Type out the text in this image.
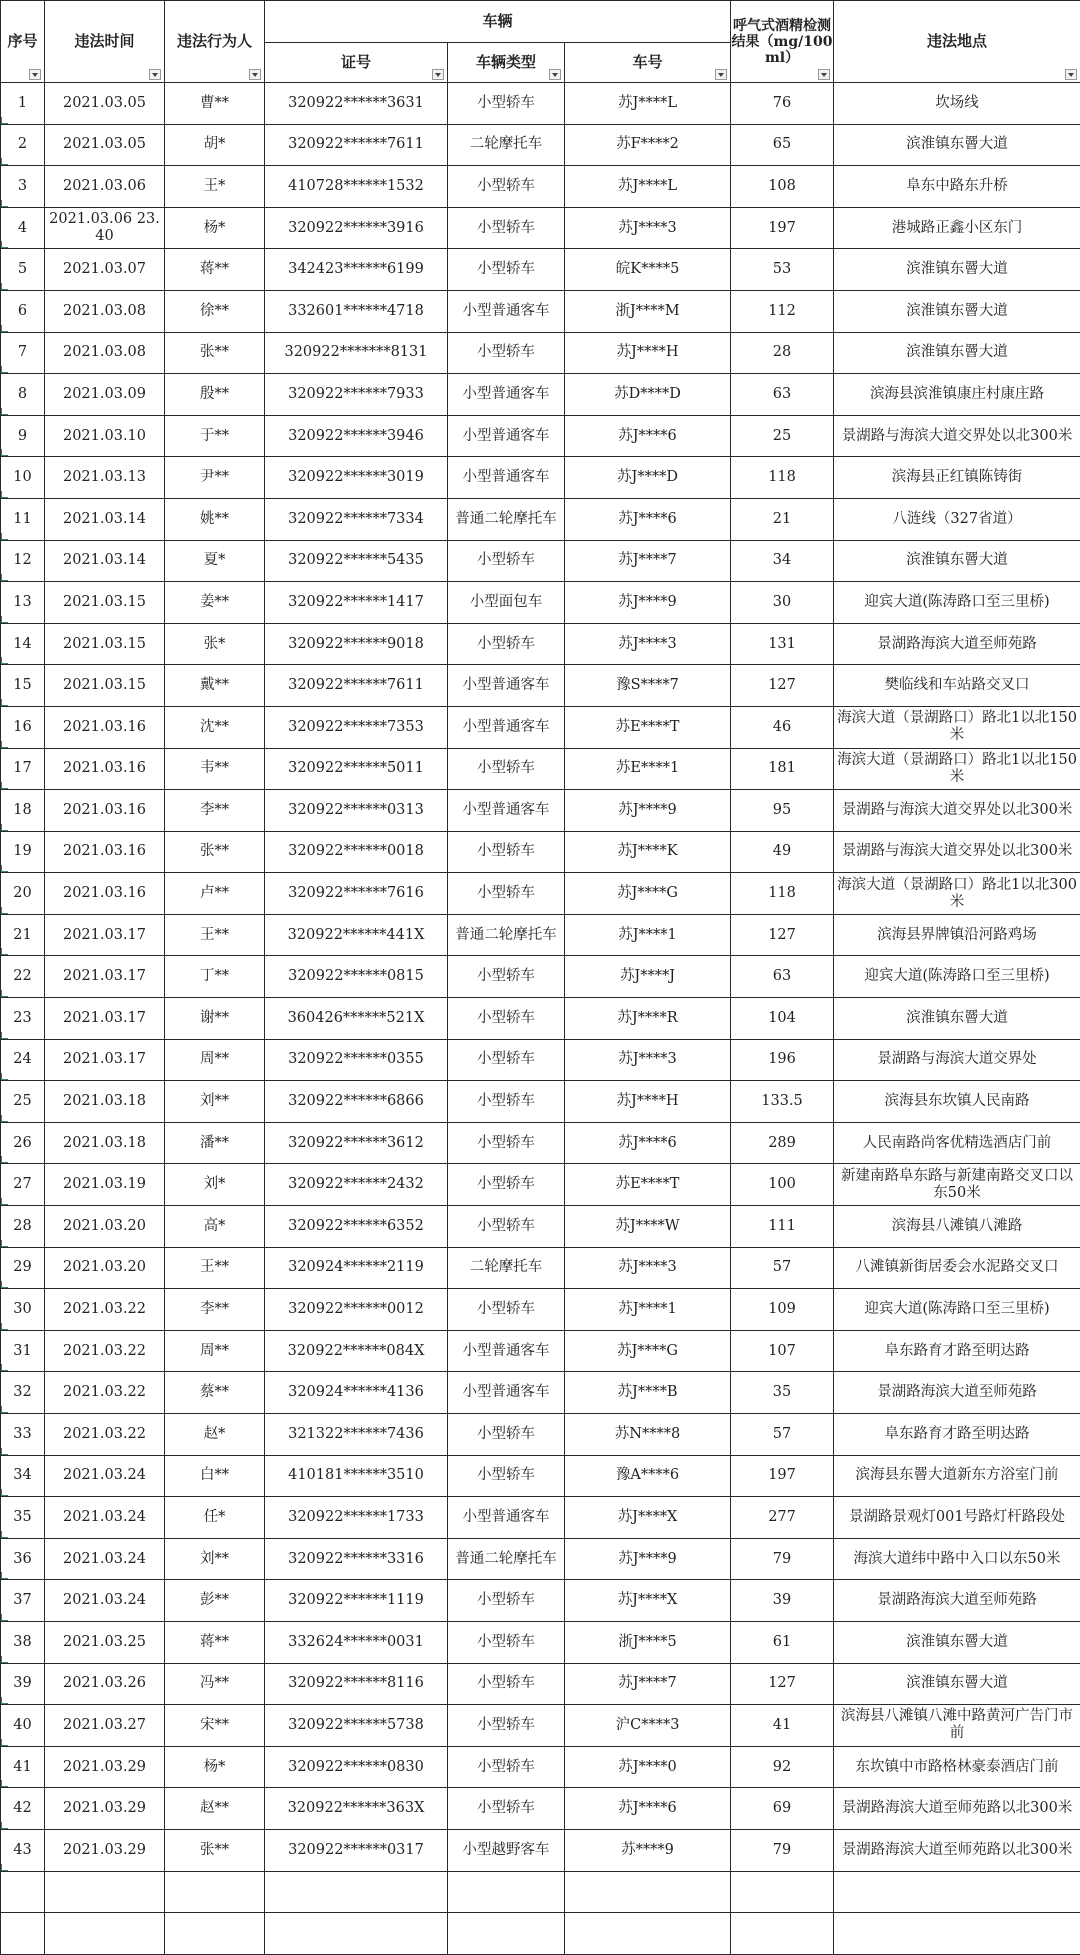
序号	违法时间	违法行为人	车辆			呼气式酒精检测结果（mg/100ml）	违法地点

			证号	车辆类型	车号		

1	2021.03.05	曹**	320922******3631	小型轿车	苏J****L	76	坎场线
2	2021.03.05	胡*	320922******7611	二轮摩托车	苏F****2	65	滨淮镇东罾大道
3	2021.03.06	王*	410728******1532	小型轿车	苏J****L	108	阜东中路东升桥
4	2021.03.06 23.40	杨*	320922******3916	小型轿车	苏J****3	197	港城路正鑫小区东门
5	2021.03.07	蒋**	342423******6199	小型轿车	皖K****5	53	滨淮镇东罾大道
6	2021.03.08	徐**	332601******4718	小型普通客车	浙J****M	112	滨淮镇东罾大道
7	2021.03.08	张**	320922*******8131	小型轿车	苏J****H	28	滨淮镇东罾大道
8	2021.03.09	殷**	320922******7933	小型普通客车	苏D****D	63	滨海县滨淮镇康庄村康庄路
9	2021.03.10	于**	320922******3946	小型普通客车	苏J****6	25	景湖路与海滨大道交界处以北300米
10	2021.03.13	尹**	320922******3019	小型普通客车	苏J****D	118	滨海县正红镇陈铸街
11	2021.03.14	姚**	320922******7334	普通二轮摩托车	苏J****6	21	八涟线（327省道）
12	2021.03.14	夏*	320922******5435	小型轿车	苏J****7	34	滨淮镇东罾大道
13	2021.03.15	姜**	320922******1417	小型面包车	苏J****9	30	迎宾大道(陈涛路口至三里桥)
14	2021.03.15	张*	320922******9018	小型轿车	苏J****3	131	景湖路海滨大道至师苑路
15	2021.03.15	戴**	320922******7611	小型普通客车	豫S****7	127	樊临线和车站路交叉口
16	2021.03.16	沈**	320922******7353	小型普通客车	苏E****T	46	海滨大道（景湖路口）路北1以北150米
17	2021.03.16	韦**	320922******5011	小型轿车	苏E****1	181	海滨大道（景湖路口）路北1以北150米
18	2021.03.16	李**	320922******0313	小型普通客车	苏J****9	95	景湖路与海滨大道交界处以北300米
19	2021.03.16	张**	320922******0018	小型轿车	苏J****K	49	景湖路与海滨大道交界处以北300米
20	2021.03.16	卢**	320922******7616	小型轿车	苏J****G	118	海滨大道（景湖路口）路北1以北300米
21	2021.03.17	王**	320922******441X	普通二轮摩托车	苏J****1	127	滨海县界牌镇沿河路鸡场
22	2021.03.17	丁**	320922******0815	小型轿车	苏J****J	63	迎宾大道(陈涛路口至三里桥)
23	2021.03.17	谢**	360426******521X	小型轿车	苏J****R	104	滨淮镇东罾大道
24	2021.03.17	周**	320922******0355	小型轿车	苏J****3	196	景湖路与海滨大道交界处
25	2021.03.18	刘**	320922******6866	小型轿车	苏J****H	133.5	滨海县东坎镇人民南路
26	2021.03.18	潘**	320922******3612	小型轿车	苏J****6	289	人民南路尚客优精选酒店门前
27	2021.03.19	刘*	320922******2432	小型轿车	苏E****T	100	新建南路阜东路与新建南路交叉口以东50米
28	2021.03.20	高*	320922******6352	小型轿车	苏J****W	111	滨海县八滩镇八滩路
29	2021.03.20	王**	320924******2119	二轮摩托车	苏J****3	57	八滩镇新街居委会水泥路交叉口
30	2021.03.22	李**	320922******0012	小型轿车	苏J****1	109	迎宾大道(陈涛路口至三里桥)
31	2021.03.22	周**	320922******084X	小型普通客车	苏J****G	107	阜东路育才路至明达路
32	2021.03.22	蔡**	320924******4136	小型普通客车	苏J****B	35	景湖路海滨大道至师苑路
33	2021.03.22	赵*	321322******7436	小型轿车	苏N****8	57	阜东路育才路至明达路
34	2021.03.24	白**	410181******3510	小型轿车	豫A****6	197	滨海县东罾大道新东方浴室门前
35	2021.03.24	任*	320922******1733	小型普通客车	苏J****X	277	景湖路景观灯001号路灯杆路段处
36	2021.03.24	刘**	320922******3316	普通二轮摩托车	苏J****9	79	海滨大道纬中路中入口以东50米
37	2021.03.24	彭**	320922******1119	小型轿车	苏J****X	39	景湖路海滨大道至师苑路
38	2021.03.25	蒋**	332624******0031	小型轿车	浙J****5	61	滨淮镇东罾大道
39	2021.03.26	冯**	320922******8116	小型轿车	苏J****7	127	滨淮镇东罾大道
40	2021.03.27	宋**	320922******5738	小型轿车	沪C****3	41	滨海县八滩镇八滩中路黄河广告门市前
41	2021.03.29	杨*	320922******0830	小型轿车	苏J****0	92	东坎镇中市路格林豪泰酒店门前
42	2021.03.29	赵**	320922******363X	小型轿车	苏J****6	69	景湖路海滨大道至师苑路以北300米
43	2021.03.29	张**	320922******0317	小型越野客车	苏****9	79	景湖路海滨大道至师苑路以北300米
